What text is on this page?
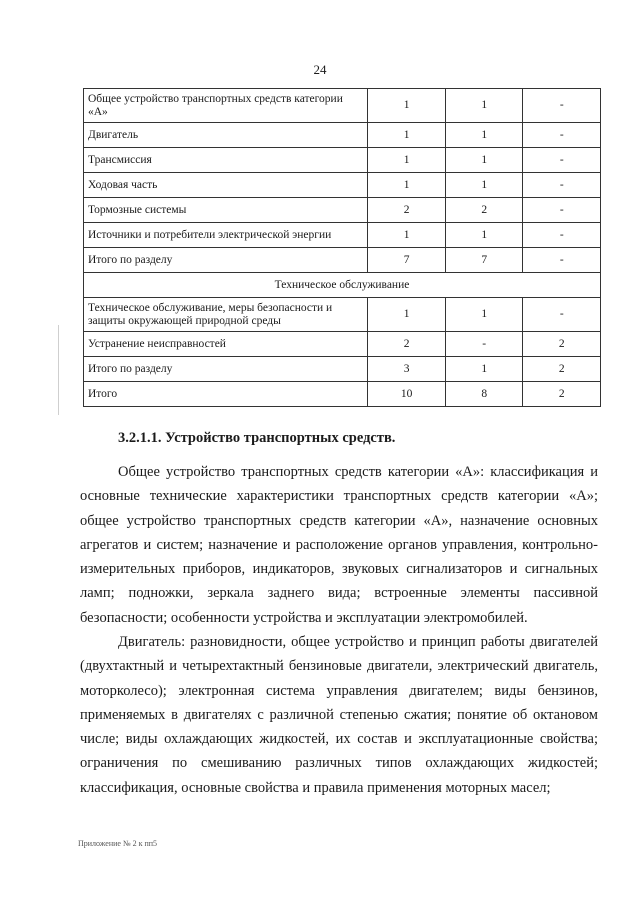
24
Общее устройство транспортных средств категории «А»	1	1	-
Двигатель	1	1	-
Трансмиссия	1	1	-
Ходовая часть	1	1	-
Тормозные системы	2	2	-
Источники и потребители электрической энергии	1	1	-
Итого по разделу	7	7	-
Техническое обслуживание			
Техническое обслуживание, меры безопасности и защиты окружающей природной среды	1	1	-
Устранение неисправностей	2	-	2
Итого по разделу	3	1	2
Итого	10	8	2
3.2.1.1. Устройство транспортных средств.

Общее устройство транспортных средств категории «А»: классификация и основные технические характеристики транспортных средств категории «А»; общее устройство транспортных средств категории «А», назначение основных агрегатов и систем; назначение и расположение органов управления, контрольно-измерительных приборов, индикаторов, звуковых сигнализаторов и сигнальных ламп; подножки, зеркала заднего вида; встроенные элементы пассивной безопасности; особенности устройства и эксплуатации электромобилей.

Двигатель: разновидности, общее устройство и принцип работы двигателей (двухтактный и четырехтактный бензиновые двигатели, электрический двигатель, моторколесо); электронная система управления двигателем; виды бензинов, применяемых в двигателях с различной степенью сжатия; понятие об октановом числе; виды охлаждающих жидкостей, их состав и эксплуатационные свойства; ограничения по смешиванию различных типов охлаждающих жидкостей; классификация, основные свойства и правила применения моторных масел;

Приложение № 2 к пп5
